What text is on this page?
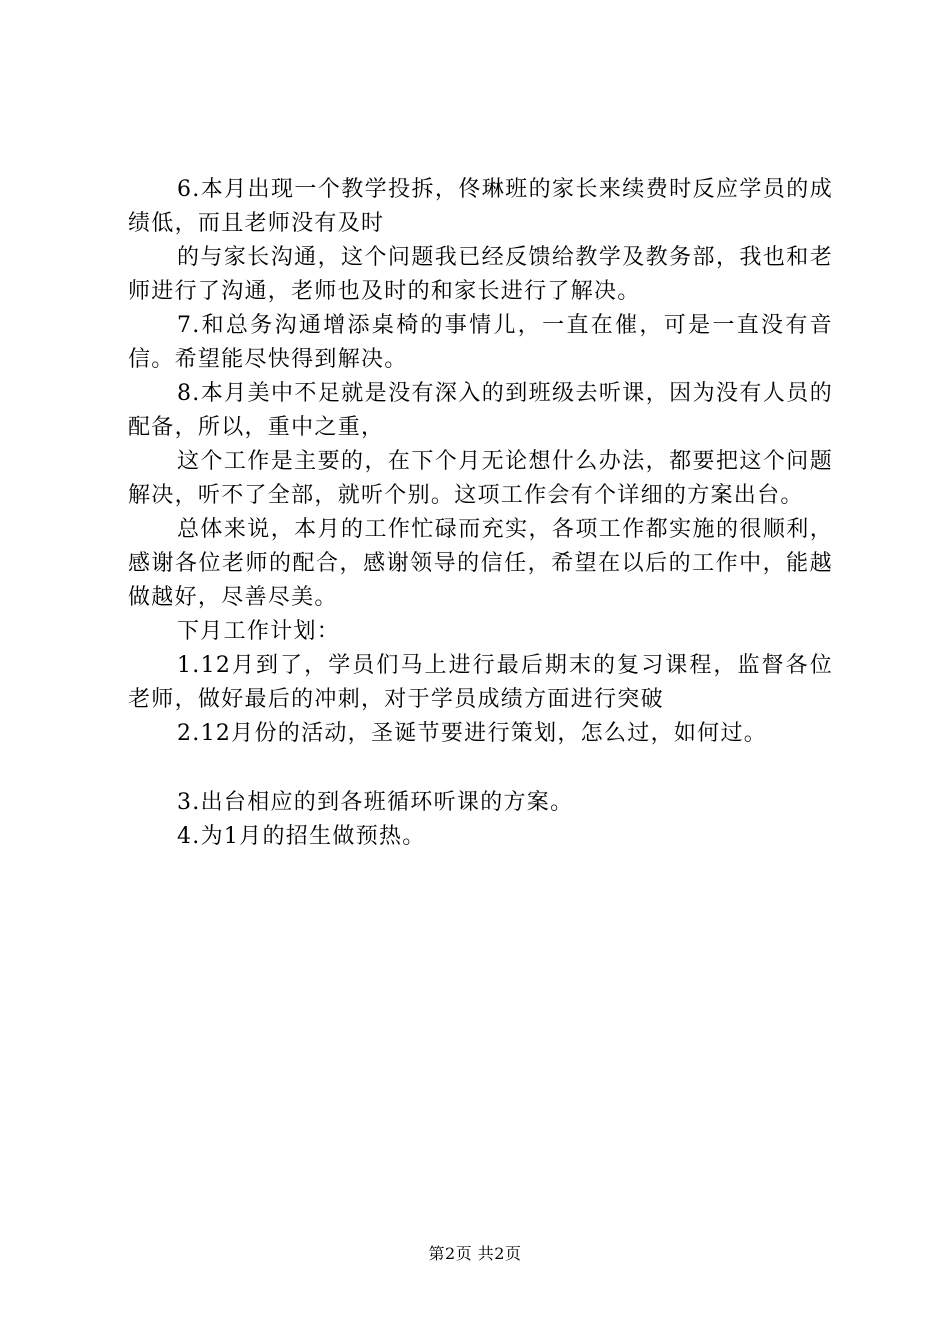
6.本月出现一个教学投拆，佟琳班的家长来续费时反应学员的成绩低，而且老师没有及时

的与家长沟通，这个问题我已经反馈给教学及教务部，我也和老师进行了沟通，老师也及时的和家长进行了解决。

7.和总务沟通增添桌椅的事情儿，一直在催，可是一直没有音信。希望能尽快得到解决。

8.本月美中不足就是没有深入的到班级去听课，因为没有人员的配备，所以，重中之重，

这个工作是主要的，在下个月无论想什么办法，都要把这个问题解决，听不了全部，就听个别。这项工作会有个详细的方案出台。

总体来说，本月的工作忙碌而充实，各项工作都实施的很顺利，感谢各位老师的配合，感谢领导的信任，希望在以后的工作中，能越做越好，尽善尽美。

下月工作计划：

1.12月到了，学员们马上进行最后期末的复习课程，监督各位老师，做好最后的冲刺，对于学员成绩方面进行突破

2.12月份的活动，圣诞节要进行策划，怎么过，如何过。

3.出台相应的到各班循环听课的方案。

4.为1月的招生做预热。

第2页 共2页
